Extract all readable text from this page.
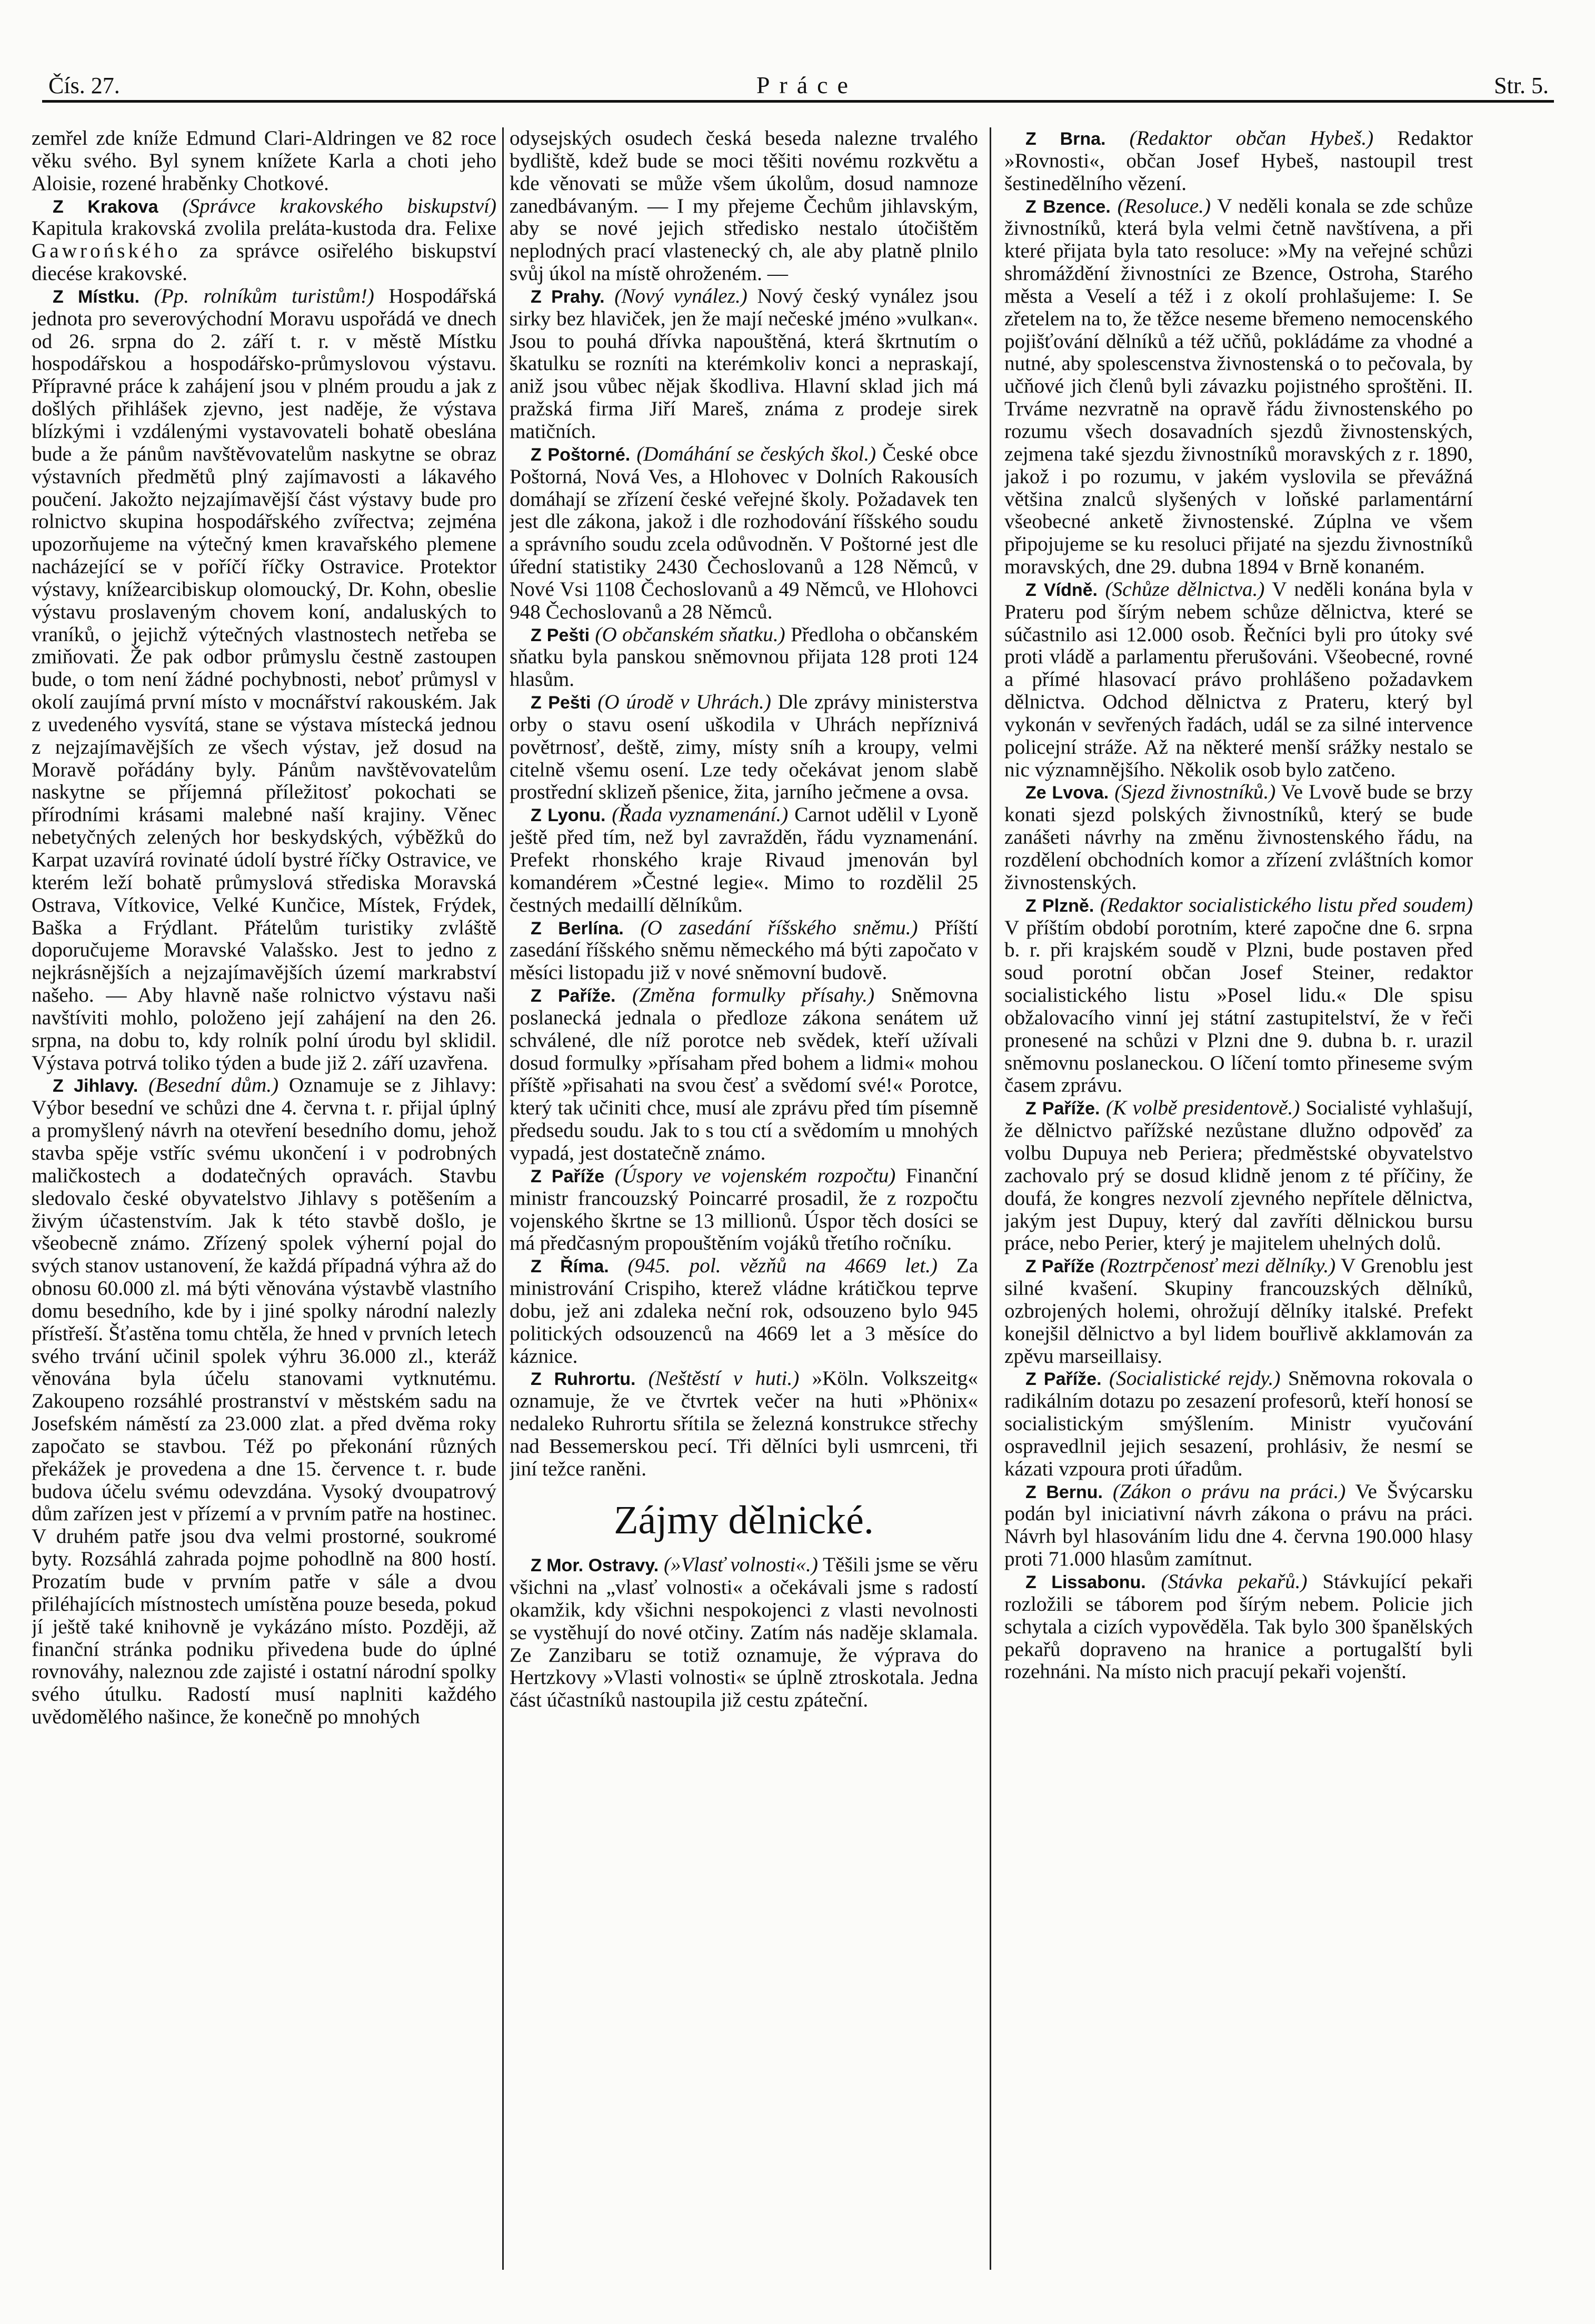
Čís. 27.	Práce	Str. 5.

zemřel zde kníže Edmund Clari-Aldringen ve 82 roce věku svého. Byl synem knížete Karla a choti jeho Aloisie, rozené hraběnky Chotkové.

Z Krakova (Správce krakovského biskupství) Kapitula krakovská zvolila preláta-kustoda dra. Felixe Gawrońského za správce osiřelého biskupství diecése krakovské.

Z Místku. (Pp. rolníkům turistům!) Hospodářská jednota pro severovýchodní Moravu uspořádá ve dnech od 26. srpna do 2. září t. r. v městě Místku hospodářskou a hospodářsko-průmyslovou výstavu. Přípravné práce k zahájení jsou v plném proudu a jak z došlých přihlášek zjevno, jest naděje, že výstava blízkými i vzdálenými vystavovateli bohatě obeslána bude a že pánům navštěvovatelům naskytne se obraz výstavních předmětů plný zajímavosti a lákavého poučení. Jakožto nejzajímavější část výstavy bude pro rolnictvo skupina hospodářského zvířectva; zejména upozorňujeme na výtečný kmen kravařského plemene nacházející se v poříčí říčky Ostravice. Protektor výstavy, knížearcibiskup olomoucký, Dr. Kohn, obeslie výstavu proslaveným chovem koní, andaluských to vraníků, o jejichž výtečných vlastnostech netřeba se zmiňovati. Že pak odbor průmyslu čestně zastoupen bude, o tom není žádné pochybnosti, neboť průmysl v okolí zaujímá první místo v mocnářství rakouském. Jak z uvedeného vysvítá, stane se výstava místecká jednou z nejzajímavějších ze všech výstav, jež dosud na Moravě pořádány byly. Pánům navštěvovatelům naskytne se příjemná příležitosť pokochati se přírodními krásami malebné naší krajiny. Věnec nebetyčných zelených hor beskydských, výběžků do Karpat uzavírá rovinaté údolí bystré říčky Ostravice, ve kterém leží bohatě průmyslová střediska Moravská Ostrava, Vítkovice, Velké Kunčice, Místek, Frýdek, Baška a Frýdlant. Přátelům turistiky zvláště doporučujeme Moravské Valašsko. Jest to jedno z nejkrásnějších a nejzajímavějších území markrabství našeho. — Aby hlavně naše rolnictvo výstavu naši navštíviti mohlo, položeno její zahájení na den 26. srpna, na dobu to, kdy rolník polní úrodu byl sklidil. Výstava potrvá toliko týden a bude již 2. září uzavřena.

Z Jihlavy. (Besední dům.) Oznamuje se z Jihlavy: Výbor besední ve schůzi dne 4. června t. r. přijal úplný a promyšlený návrh na otevření besedního domu, jehož stavba spěje vstříc svému ukončení i v podrobných maličkostech a dodatečných opravách. Stavbu sledovalo české obyvatelstvo Jihlavy s potěšením a živým účastenstvím. Jak k této stavbě došlo, je všeobecně známo. Zřízený spolek výherní pojal do svých stanov ustanovení, že každá případná výhra až do obnosu 60.000 zl. má býti věnována výstavbě vlastního domu besedního, kde by i jiné spolky národní nalezly přístřeší. Šťastěna tomu chtěla, že hned v prvních letech svého trvání učinil spolek výhru 36.000 zl., kteráž věnována byla účelu stanovami vytknutému. Zakoupeno rozsáhlé prostranství v městském sadu na Josefském náměstí za 23.000 zlat. a před dvěma roky započato se stavbou. Též po překonání různých překážek je provedena a dne 15. července t. r. bude budova účelu svému odevzdána. Vysoký dvoupatrový dům zařízen jest v přízemí a v prvním patře na hostinec. V druhém patře jsou dva velmi prostorné, soukromé byty. Rozsáhlá zahrada pojme pohodlně na 800 hostí. Prozatím bude v prvním patře v sále a dvou přiléhajících místnostech umístěna pouze beseda, pokud jí ještě také knihovně je vykázáno místo. Později, až finanční stránka podniku přivedena bude do úplné rovnováhy, naleznou zde zajisté i ostatní národní spolky svého útulku. Radostí musí naplniti každého uvědomělého našince, že konečně po mnohých

odysejských osudech česká beseda nalezne trvalého bydliště, kdež bude se moci těšiti novému rozkvětu a kde věnovati se může všem úkolům, dosud namnoze zanedbávaným. — I my přejeme Čechům jihlavským, aby se nové jejich středisko nestalo útočištěm neplodných prací vlastenecký ch, ale aby platně plnilo svůj úkol na místě ohroženém. —

Z Prahy. (Nový vynález.) Nový český vynález jsou sirky bez hlaviček, jen že mají nečeské jméno »vulkan«. Jsou to pouhá dřívka napouštěná, která škrtnutím o škatulku se rozníti na kterémkoliv konci a nepraskají, aniž jsou vůbec nějak škodliva. Hlavní sklad jich má pražská firma Jiří Mareš, známa z prodeje sirek matičních.

Z Poštorné. (Domáhání se českých škol.) České obce Poštorná, Nová Ves, a Hlohovec v Dolních Rakousích domáhají se zřízení české veřejné školy. Požadavek ten jest dle zákona, jakož i dle rozhodování říšského soudu a správního soudu zcela odůvodněn. V Poštorné jest dle úřední statistiky 2430 Čechoslovanů a 128 Němců, v Nové Vsi 1108 Čechoslovanů a 49 Němců, ve Hlohovci 948 Čechoslovanů a 28 Němců.

Z Pešti (O občanském sňatku.) Předloha o občanském sňatku byla panskou sněmovnou přijata 128 proti 124 hlasům.

Z Pešti (O úrodě v Uhrách.) Dle zprávy ministerstva orby o stavu osení uškodila v Uhrách nepříznivá povětrnosť, deště, zimy, místy sníh a kroupy, velmi citelně všemu osení. Lze tedy očekávat jenom slabě prostřední sklizeň pšenice, žita, jarního ječmene a ovsa.

Z Lyonu. (Řada vyznamenání.) Carnot udělil v Lyoně ještě před tím, než byl zavražděn, řádu vyznamenání. Prefekt rhonského kraje Rivaud jmenován byl komandérem »Čestné legie«. Mimo to rozdělil 25 čestných medaillí dělníkům.

Z Berlína. (O zasedání říšského sněmu.) Příští zasedání říšského sněmu německého má býti započato v měsíci listopadu již v nové sněmovní budově.

Z Paříže. (Změna formulky přísahy.) Sněmovna poslanecká jednala o předloze zákona senátem už schválené, dle níž porotce neb svědek, kteří užívali dosud formulky »přísaham před bohem a lidmi« mohou příště »přisahati na svou česť a svědomí své!« Porotce, který tak učiniti chce, musí ale zprávu před tím písemně předsedu soudu. Jak to s tou ctí a svědomím u mnohých vypadá, jest dostatečně známo.

Z Paříže (Úspory ve vojenském rozpočtu) Finanční ministr francouzský Poincarré prosadil, že z rozpočtu vojenského škrtne se 13 millionů. Úspor těch dosíci se má předčasným propouštěním vojáků třetího ročníku.

Z Říma. (945. pol. vězňů na 4669 let.) Za ministrování Crispiho, kterež vládne krátičkou teprve dobu, jež ani zdaleka neční rok, odsouzeno bylo 945 politických odsouzenců na 4669 let a 3 měsíce do káznice.

Z Ruhrortu. (Neštěstí v huti.) »Köln. Volkszeitg« oznamuje, že ve čtvrtek večer na huti »Phönix« nedaleko Ruhrortu sřítila se železná konstrukce střechy nad Bessemerskou pecí. Tři dělníci byli usmrceni, tři jiní težce raněni.

Zájmy dělnické.

Z Mor. Ostravy. (»Vlasť volnosti«.) Těšili jsme se věru všichni na „vlasť volnosti« a očekávali jsme s radostí okamžik, kdy všichni nespokojenci z vlasti nevolnosti se vystěhují do nové otčiny. Zatím nás naděje sklamala. Ze Zanzibaru se totiž oznamuje, že výprava do Hertzkovy »Vlasti volnosti« se úplně ztroskotala. Jedna část účastníků nastoupila již cestu zpáteční.

Z Brna. (Redaktor občan Hybeš.) Redaktor »Rovnosti«, občan Josef Hybeš, nastoupil trest šestinedělního vězení.

Z Bzence. (Resoluce.) V neděli konala se zde schůze živnostníků, která byla velmi četně navštívena, a při které přijata byla tato resoluce: »My na veřejné schůzi shromáždění živnostníci ze Bzence, Ostroha, Starého města a Veselí a též i z okolí prohlašujeme: I. Se zřetelem na to, že těžce neseme břemeno nemocenského pojišťování dělníků a též učňů, pokládáme za vhodné a nutné, aby spolescenstva živnostenská o to pečovala, by učňové jich členů byli závazku pojistného sproštěni. II. Trváme nezvratně na opravě řádu živnostenského po rozumu všech dosavadních sjezdů živnostenských, zejmena také sjezdu živnostníků moravských z r. 1890, jakož i po rozumu, v jakém vyslovila se převážná většina znalců slyšených v loňské parlamentární všeobecné anketě živnostenské. Zúplna ve všem připojujeme se ku resoluci přijaté na sjezdu živnostníků moravských, dne 29. dubna 1894 v Brně konaném.

Z Vídně. (Schůze dělnictva.) V neděli konána byla v Prateru pod šírým nebem schůze dělnictva, které se súčastnilo asi 12.000 osob. Řečníci byli pro útoky své proti vládě a parlamentu přerušováni. Všeobecné, rovné a přímé hlasovací právo prohlášeno požadavkem dělnictva. Odchod dělnictva z Prateru, který byl vykonán v sevřených řadách, udál se za silné intervence policejní stráže. Až na některé menší srážky nestalo se nic významnějšího. Několik osob bylo zatčeno.

Ze Lvova. (Sjezd živnostníků.) Ve Lvově bude se brzy konati sjezd polských živnostníků, který se bude zanášeti návrhy na změnu živnostenského řádu, na rozdělení obchodních komor a zřízení zvláštních komor živnostenských.

Z Plzně. (Redaktor socialistického listu před soudem) V příštím období porotním, které započne dne 6. srpna b. r. při krajském soudě v Plzni, bude postaven před soud porotní občan Josef Steiner, redaktor socialistického listu »Posel lidu.« Dle spisu obžalovacího vinní jej státní zastupitelství, že v řeči pronesené na schůzi v Plzni dne 9. dubna b. r. urazil sněmovnu poslaneckou. O líčení tomto přineseme svým časem zprávu.

Z Paříže. (K volbě presidentově.) Socialisté vyhlašují, že dělnictvo pařížské nezůstane dlužno odpověď za volbu Dupuya neb Periera; předměstské obyvatelstvo zachovalo prý se dosud klidně jenom z té příčiny, že doufá, že kongres nezvolí zjevného nepřítele dělnictva, jakým jest Dupuy, který dal zavříti dělnickou bursu práce, nebo Perier, který je majitelem uhelných dolů.

Z Paříže (Roztrpčenosť mezi dělníky.) V Grenoblu jest silné kvašení. Skupiny francouzských dělníků, ozbrojených holemi, ohrožují dělníky italské. Prefekt konejšil dělnictvo a byl lidem bouřlivě akklamován za zpěvu marseillaisy.

Z Paříže. (Socialistické rejdy.) Sněmovna rokovala o radikálním dotazu po zesazení profesorů, kteří honosí se socialistickým smýšlením. Ministr vyučování ospravedlnil jejich sesazení, prohlásiv, že nesmí se kázati vzpoura proti úřadům.

Z Bernu. (Zákon o právu na práci.) Ve Švýcarsku podán byl iniciativní návrh zákona o právu na práci. Návrh byl hlasováním lidu dne 4. června 190.000 hlasy proti 71.000 hlasům zamítnut.

Z Lissabonu. (Stávka pekařů.) Stávkující pekaři rozložili se táborem pod šírým nebem. Policie jich schytala a cizích vypověděla. Tak bylo 300 španělských pekařů dopraveno na hranice a portugalští byli rozehnáni. Na místo nich pracují pekaři vojenští.
